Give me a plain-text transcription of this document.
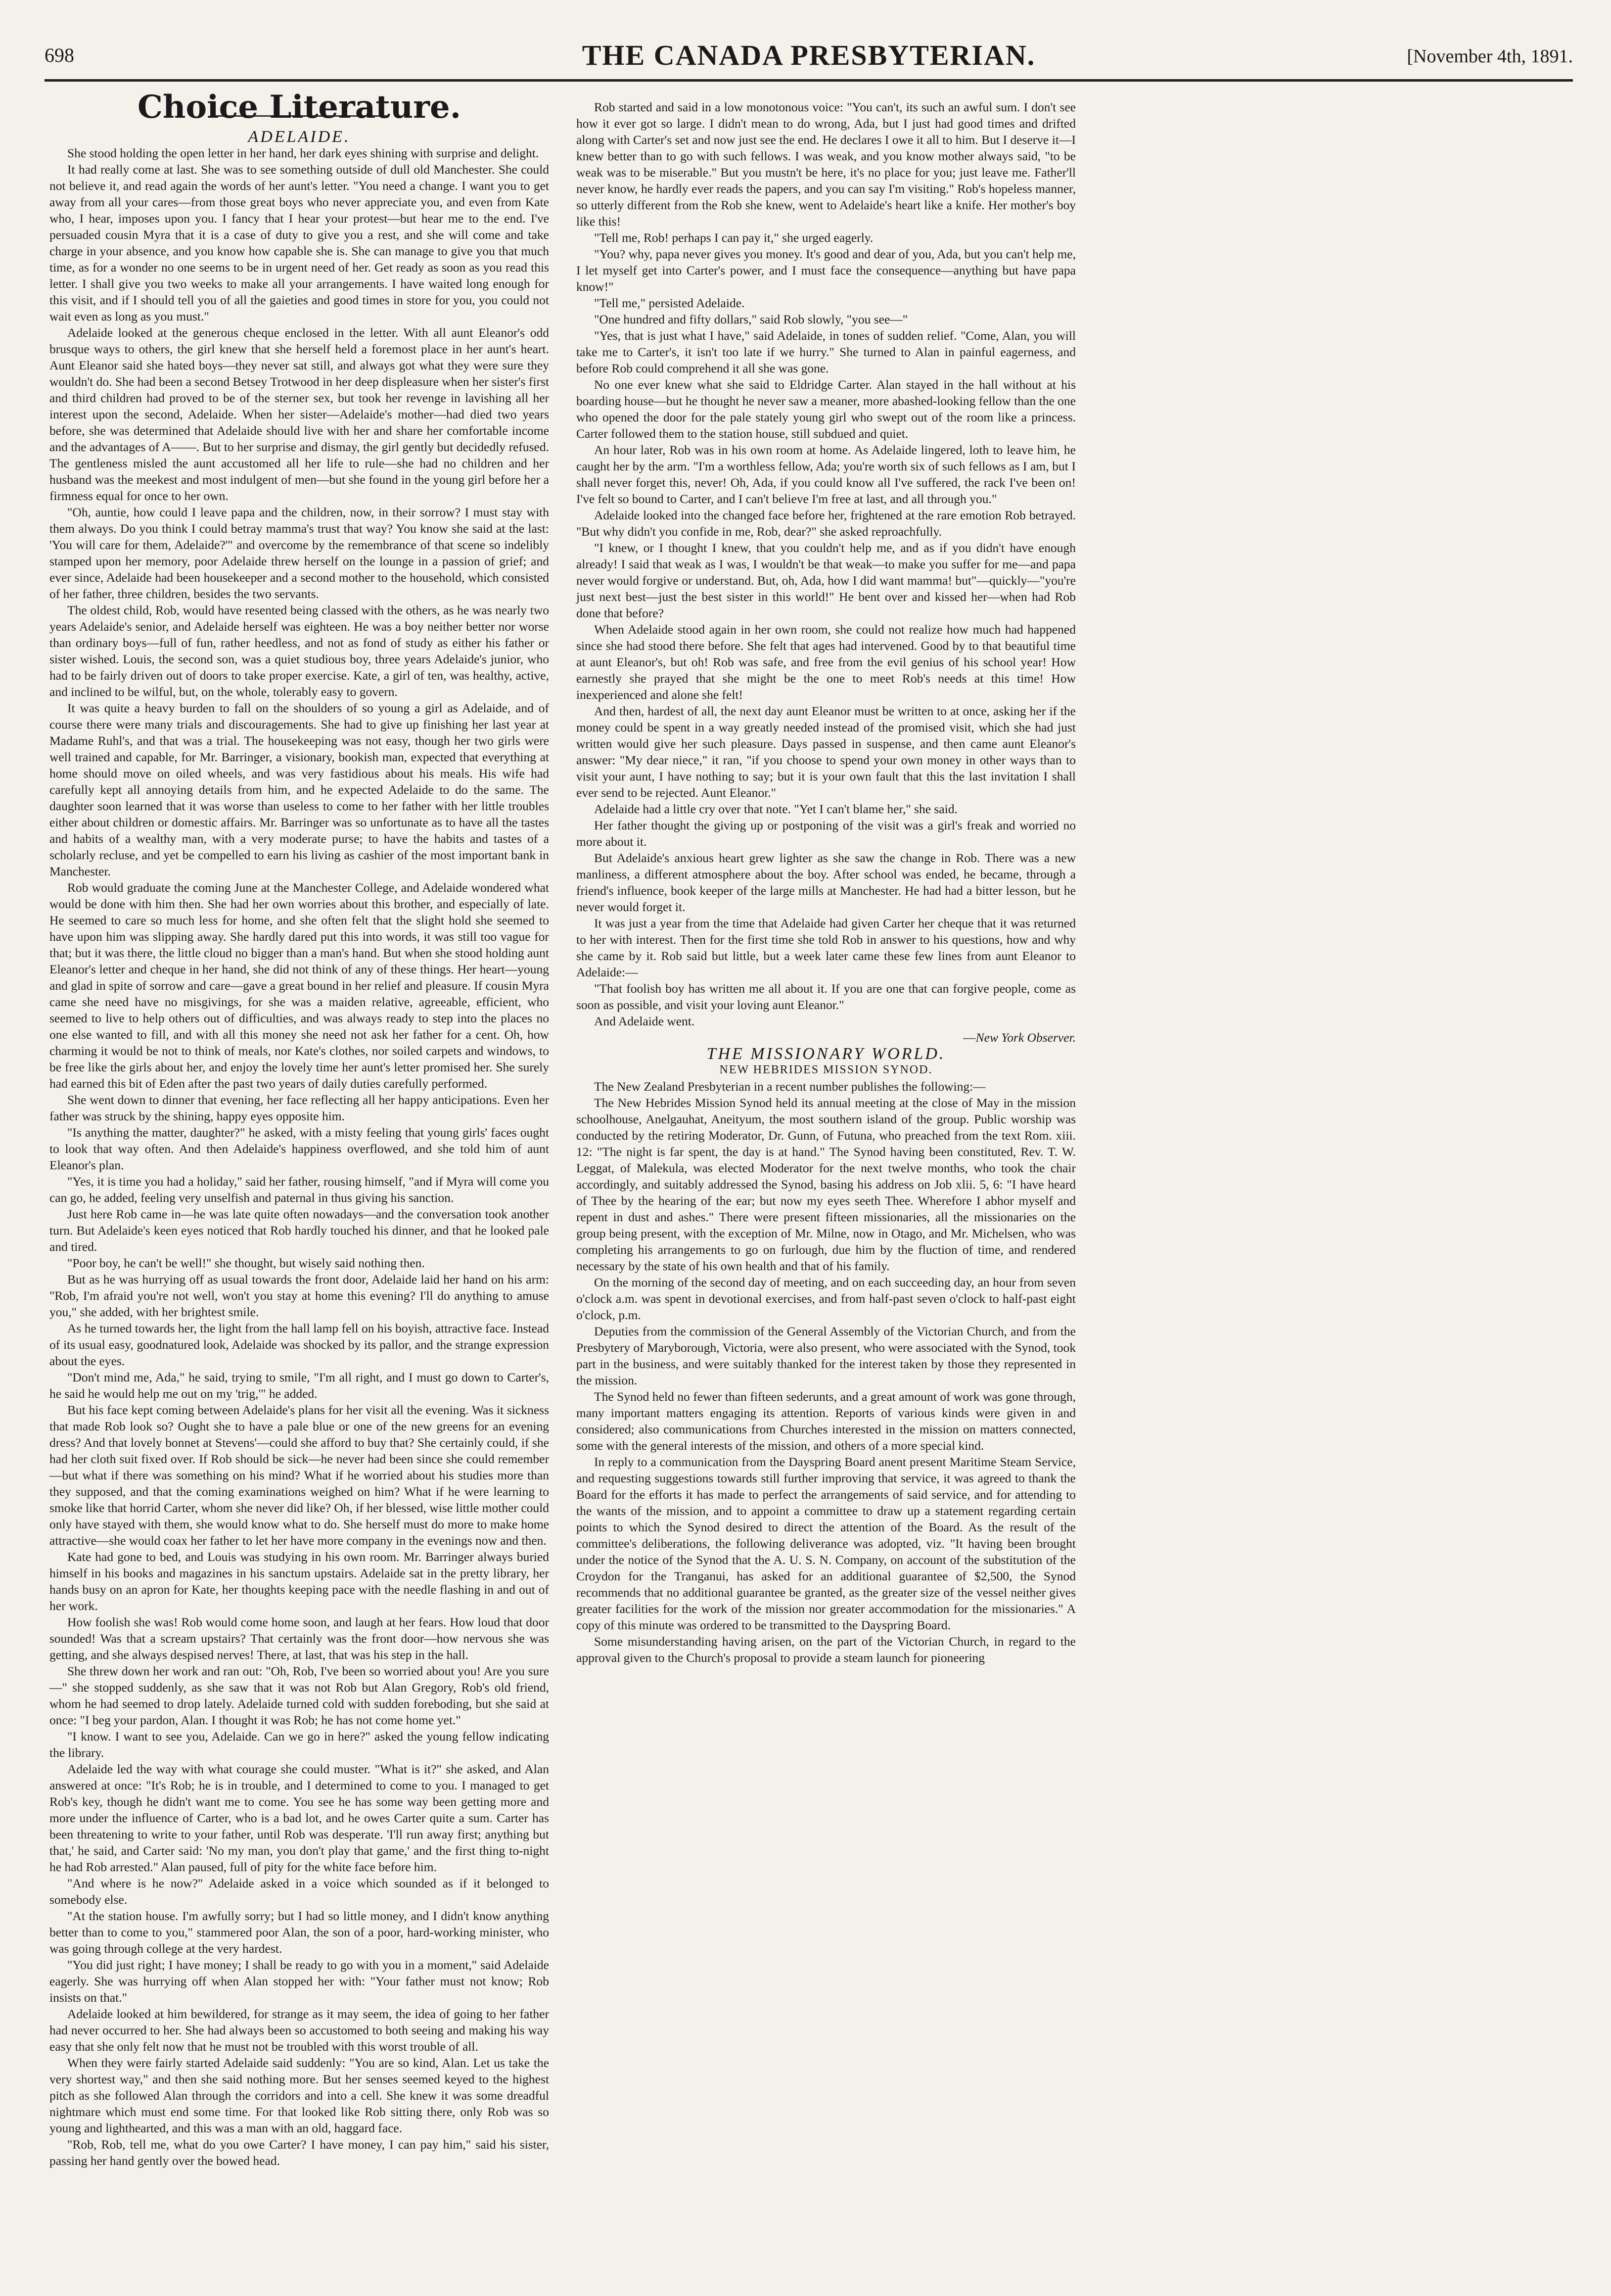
698	THE CANADA PRESBYTERIAN.	[November 4th, 1891.

Choice Literature.

ADELAIDE.

She stood holding the open letter in her hand, her dark eyes shining with surprise and delight.

It had really come at last. She was to see something outside of dull old Manchester. She could not believe it, and read again the words of her aunt's letter. "You need a change. I want you to get away from all your cares—from those great boys who never appreciate you, and even from Kate who, I hear, imposes upon you. I fancy that I hear your protest—but hear me to the end. I've persuaded cousin Myra that it is a case of duty to give you a rest, and she will come and take charge in your absence, and you know how capable she is. She can manage to give you that much time, as for a wonder no one seems to be in urgent need of her. Get ready as soon as you read this letter. I shall give you two weeks to make all your arrangements. I have waited long enough for this visit, and if I should tell you of all the gaieties and good times in store for you, you could not wait even as long as you must."

Adelaide looked at the generous cheque enclosed in the letter. With all aunt Eleanor's odd brusque ways to others, the girl knew that she herself held a foremost place in her aunt's heart. Aunt Eleanor said she hated boys—they never sat still, and always got what they were sure they wouldn't do. She had been a second Betsey Trotwood in her deep displeasure when her sister's first and third children had proved to be of the sterner sex, but took her revenge in lavishing all her interest upon the second, Adelaide. When her sister—Adelaide's mother—had died two years before, she was determined that Adelaide should live with her and share her comfortable income and the advantages of A——. But to her surprise and dismay, the girl gently but decidedly refused. The gentleness misled the aunt accustomed all her life to rule—she had no children and her husband was the meekest and most indulgent of men—but she found in the young girl before her a firmness equal for once to her own.

"Oh, auntie, how could I leave papa and the children, now, in their sorrow? I must stay with them always. Do you think I could betray mamma's trust that way? You know she said at the last: 'You will care for them, Adelaide?'" and overcome by the remembrance of that scene so indelibly stamped upon her memory, poor Adelaide threw herself on the lounge in a passion of grief; and ever since, Adelaide had been housekeeper and a second mother to the household, which consisted of her father, three children, besides the two servants.

The oldest child, Rob, would have resented being classed with the others, as he was nearly two years Adelaide's senior, and Adelaide herself was eighteen. He was a boy neither better nor worse than ordinary boys—full of fun, rather heedless, and not as fond of study as either his father or sister wished. Louis, the second son, was a quiet studious boy, three years Adelaide's junior, who had to be fairly driven out of doors to take proper exercise. Kate, a girl of ten, was healthy, active, and inclined to be wilful, but, on the whole, tolerably easy to govern.

It was quite a heavy burden to fall on the shoulders of so young a girl as Adelaide, and of course there were many trials and discouragements. She had to give up finishing her last year at Madame Ruhl's, and that was a trial. The housekeeping was not easy, though her two girls were well trained and capable, for Mr. Barringer, a visionary, bookish man, expected that everything at home should move on oiled wheels, and was very fastidious about his meals. His wife had carefully kept all annoying details from him, and he expected Adelaide to do the same. The daughter soon learned that it was worse than useless to come to her father with her little troubles either about children or domestic affairs. Mr. Barringer was so unfortunate as to have all the tastes and habits of a wealthy man, with a very moderate purse; to have the habits and tastes of a scholarly recluse, and yet be compelled to earn his living as cashier of the most important bank in Manchester.

Rob would graduate the coming June at the Manchester College, and Adelaide wondered what would be done with him then. She had her own worries about this brother, and especially of late. He seemed to care so much less for home, and she often felt that the slight hold she seemed to have upon him was slipping away. She hardly dared put this into words, it was still too vague for that; but it was there, the little cloud no bigger than a man's hand. But when she stood holding aunt Eleanor's letter and cheque in her hand, she did not think of any of these things. Her heart—young and glad in spite of sorrow and care—gave a great bound in her relief and pleasure. If cousin Myra came she need have no misgivings, for she was a maiden relative, agreeable, efficient, who seemed to live to help others out of difficulties, and was always ready to step into the places no one else wanted to fill, and with all this money she need not ask her father for a cent. Oh, how charming it would be not to think of meals, nor Kate's clothes, nor soiled carpets and windows, to be free like the girls about her, and enjoy the lovely time her aunt's letter promised her. She surely had earned this bit of Eden after the past two years of daily duties carefully performed.

She went down to dinner that evening, her face reflecting all her happy anticipations. Even her father was struck by the shining, happy eyes opposite him.

"Is anything the matter, daughter?" he asked, with a misty feeling that young girls' faces ought to look that way often. And then Adelaide's happiness overflowed, and she told him of aunt Eleanor's plan.

"Yes, it is time you had a holiday," said her father, rousing himself, "and if Myra will come you can go, he added, feeling very unselfish and paternal in thus giving his sanction.

Just here Rob came in—he was late quite often nowadays—and the conversation took another turn. But Adelaide's keen eyes noticed that Rob hardly touched his dinner, and that he looked pale and tired.

"Poor boy, he can't be well!" she thought, but wisely said nothing then.

But as he was hurrying off as usual towards the front door, Adelaide laid her hand on his arm: "Rob, I'm afraid you're not well, won't you stay at home this evening? I'll do anything to amuse you," she added, with her brightest smile.

As he turned towards her, the light from the hall lamp fell on his boyish, attractive face. Instead of its usual easy, goodnatured look, Adelaide was shocked by its pallor, and the strange expression about the eyes.

"Don't mind me, Ada," he said, trying to smile, "I'm all right, and I must go down to Carter's, he said he would help me out on my 'trig,'" he added.

But his face kept coming between Adelaide's plans for her visit all the evening. Was it sickness that made Rob look so? Ought she to have a pale blue or one of the new greens for an evening dress? And that lovely bonnet at Stevens'—could she afford to buy that? She certainly could, if she had her cloth suit fixed over. If Rob should be sick—he never had been since she could remember—but what if there was something on his mind? What if he worried about his studies more than they supposed, and that the coming examinations weighed on him? What if he were learning to smoke like that horrid Carter, whom she never did like? Oh, if her blessed, wise little mother could only have stayed with them, she would know what to do. She herself must do more to make home attractive—she would coax her father to let her have more company in the evenings now and then.

Kate had gone to bed, and Louis was studying in his own room. Mr. Barringer always buried himself in his books and magazines in his sanctum upstairs. Adelaide sat in the pretty library, her hands busy on an apron for Kate, her thoughts keeping pace with the needle flashing in and out of her work.

How foolish she was! Rob would come home soon, and laugh at her fears. How loud that door sounded! Was that a scream upstairs? That certainly was the front door—how nervous she was getting, and she always despised nerves! There, at last, that was his step in the hall.

She threw down her work and ran out: "Oh, Rob, I've been so worried about you! Are you sure—" she stopped suddenly, as she saw that it was not Rob but Alan Gregory, Rob's old friend, whom he had seemed to drop lately. Adelaide turned cold with sudden foreboding, but she said at once: "I beg your pardon, Alan. I thought it was Rob; he has not come home yet."

"I know. I want to see you, Adelaide. Can we go in here?" asked the young fellow indicating the library.

Adelaide led the way with what courage she could muster. "What is it?" she asked, and Alan answered at once: "It's Rob; he is in trouble, and I determined to come to you. I managed to get Rob's key, though he didn't want me to come. You see he has some way been getting more and more under the influence of Carter, who is a bad lot, and he owes Carter quite a sum. Carter has been threatening to write to your father, until Rob was desperate. 'I'll run away first; anything but that,' he said, and Carter said: 'No my man, you don't play that game,' and the first thing to-night he had Rob arrested." Alan paused, full of pity for the white face before him.

"And where is he now?" Adelaide asked in a voice which sounded as if it belonged to somebody else.

"At the station house. I'm awfully sorry; but I had so little money, and I didn't know anything better than to come to you," stammered poor Alan, the son of a poor, hard-working minister, who was going through college at the very hardest.

"You did just right; I have money; I shall be ready to go with you in a moment," said Adelaide eagerly. She was hurrying off when Alan stopped her with: "Your father must not know; Rob insists on that."

Adelaide looked at him bewildered, for strange as it may seem, the idea of going to her father had never occurred to her. She had always been so accustomed to both seeing and making his way easy that she only felt now that he must not be troubled with this worst trouble of all.

When they were fairly started Adelaide said suddenly: "You are so kind, Alan. Let us take the very shortest way," and then she said nothing more. But her senses seemed keyed to the highest pitch as she followed Alan through the corridors and into a cell. She knew it was some dreadful nightmare which must end some time. For that looked like Rob sitting there, only Rob was so young and lighthearted, and this was a man with an old, haggard face.

"Rob, Rob, tell me, what do you owe Carter? I have money, I can pay him," said his sister, passing her hand gently over the bowed head.

Rob started and said in a low monotonous voice: "You can't, its such an awful sum. I don't see how it ever got so large. I didn't mean to do wrong, Ada, but I just had good times and drifted along with Carter's set and now just see the end. He declares I owe it all to him. But I deserve it—I knew better than to go with such fellows. I was weak, and you know mother always said, "to be weak was to be miserable." But you mustn't be here, it's no place for you; just leave me. Father'll never know, he hardly ever reads the papers, and you can say I'm visiting." Rob's hopeless manner, so utterly different from the Rob she knew, went to Adelaide's heart like a knife. Her mother's boy like this!

"Tell me, Rob! perhaps I can pay it," she urged eagerly.

"You? why, papa never gives you money. It's good and dear of you, Ada, but you can't help me, I let myself get into Carter's power, and I must face the consequence—anything but have papa know!"

"Tell me," persisted Adelaide.

"One hundred and fifty dollars," said Rob slowly, "you see—"

"Yes, that is just what I have," said Adelaide, in tones of sudden relief. "Come, Alan, you will take me to Carter's, it isn't too late if we hurry." She turned to Alan in painful eagerness, and before Rob could comprehend it all she was gone.

No one ever knew what she said to Eldridge Carter. Alan stayed in the hall without at his boarding house—but he thought he never saw a meaner, more abashed-looking fellow than the one who opened the door for the pale stately young girl who swept out of the room like a princess. Carter followed them to the station house, still subdued and quiet.

An hour later, Rob was in his own room at home. As Adelaide lingered, loth to leave him, he caught her by the arm. "I'm a worthless fellow, Ada; you're worth six of such fellows as I am, but I shall never forget this, never! Oh, Ada, if you could know all I've suffered, the rack I've been on! I've felt so bound to Carter, and I can't believe I'm free at last, and all through you."

Adelaide looked into the changed face before her, frightened at the rare emotion Rob betrayed. "But why didn't you confide in me, Rob, dear?" she asked reproachfully.

"I knew, or I thought I knew, that you couldn't help me, and as if you didn't have enough already! I said that weak as I was, I wouldn't be that weak—to make you suffer for me—and papa never would forgive or understand. But, oh, Ada, how I did want mamma! but"—quickly—"you're just next best—just the best sister in this world!" He bent over and kissed her—when had Rob done that before?

When Adelaide stood again in her own room, she could not realize how much had happened since she had stood there before. She felt that ages had intervened. Good by to that beautiful time at aunt Eleanor's, but oh! Rob was safe, and free from the evil genius of his school year! How earnestly she prayed that she might be the one to meet Rob's needs at this time! How inexperienced and alone she felt!

And then, hardest of all, the next day aunt Eleanor must be written to at once, asking her if the money could be spent in a way greatly needed instead of the promised visit, which she had just written would give her such pleasure. Days passed in suspense, and then came aunt Eleanor's answer: "My dear niece," it ran, "if you choose to spend your own money in other ways than to visit your aunt, I have nothing to say; but it is your own fault that this the last invitation I shall ever send to be rejected. Aunt Eleanor."

Adelaide had a little cry over that note. "Yet I can't blame her," she said.

Her father thought the giving up or postponing of the visit was a girl's freak and worried no more about it.

But Adelaide's anxious heart grew lighter as she saw the change in Rob. There was a new manliness, a different atmosphere about the boy. After school was ended, he became, through a friend's influence, book keeper of the large mills at Manchester. He had had a bitter lesson, but he never would forget it.

It was just a year from the time that Adelaide had given Carter her cheque that it was returned to her with interest. Then for the first time she told Rob in answer to his questions, how and why she came by it. Rob said but little, but a week later came these few lines from aunt Eleanor to Adelaide:—

"That foolish boy has written me all about it. If you are one that can forgive people, come as soon as possible, and visit your loving aunt Eleanor."

And Adelaide went.

—New York Observer.

THE MISSIONARY WORLD.

NEW HEBRIDES MISSION SYNOD.

The New Zealand Presbyterian in a recent number publishes the following:—

The New Hebrides Mission Synod held its annual meeting at the close of May in the mission schoolhouse, Anelgauhat, Aneityum, the most southern island of the group. Public worship was conducted by the retiring Moderator, Dr. Gunn, of Futuna, who preached from the text Rom. xiii. 12: "The night is far spent, the day is at hand." The Synod having been constituted, Rev. T. W. Leggat, of Malekula, was elected Moderator for the next twelve months, who took the chair accordingly, and suitably addressed the Synod, basing his address on Job xlii. 5, 6: "I have heard of Thee by the hearing of the ear; but now my eyes seeth Thee. Wherefore I abhor myself and repent in dust and ashes." There were present fifteen missionaries, all the missionaries on the group being present, with the exception of Mr. Milne, now in Otago, and Mr. Michelsen, who was completing his arrangements to go on furlough, due him by the fluction of time, and rendered necessary by the state of his own health and that of his family.

On the morning of the second day of meeting, and on each succeeding day, an hour from seven o'clock a.m. was spent in devotional exercises, and from half-past seven o'clock to half-past eight o'clock, p.m.

Deputies from the commission of the General Assembly of the Victorian Church, and from the Presbytery of Maryborough, Victoria, were also present, who were associated with the Synod, took part in the business, and were suitably thanked for the interest taken by those they represented in the mission.

The Synod held no fewer than fifteen sederunts, and a great amount of work was gone through, many important matters engaging its attention. Reports of various kinds were given in and considered; also communications from Churches interested in the mission on matters connected, some with the general interests of the mission, and others of a more special kind.

In reply to a communication from the Dayspring Board anent present Maritime Steam Service, and requesting suggestions towards still further improving that service, it was agreed to thank the Board for the efforts it has made to perfect the arrangements of said service, and for attending to the wants of the mission, and to appoint a committee to draw up a statement regarding certain points to which the Synod desired to direct the attention of the Board. As the result of the committee's deliberations, the following deliverance was adopted, viz. "It having been brought under the notice of the Synod that the A. U. S. N. Company, on account of the substitution of the Croydon for the Tranganui, has asked for an additional guarantee of $2,500, the Synod recommends that no additional guarantee be granted, as the greater size of the vessel neither gives greater facilities for the work of the mission nor greater accommodation for the missionaries." A copy of this minute was ordered to be transmitted to the Dayspring Board.

Some misunderstanding having arisen, on the part of the Victorian Church, in regard to the approval given to the Church's proposal to provide a steam launch for pioneering
